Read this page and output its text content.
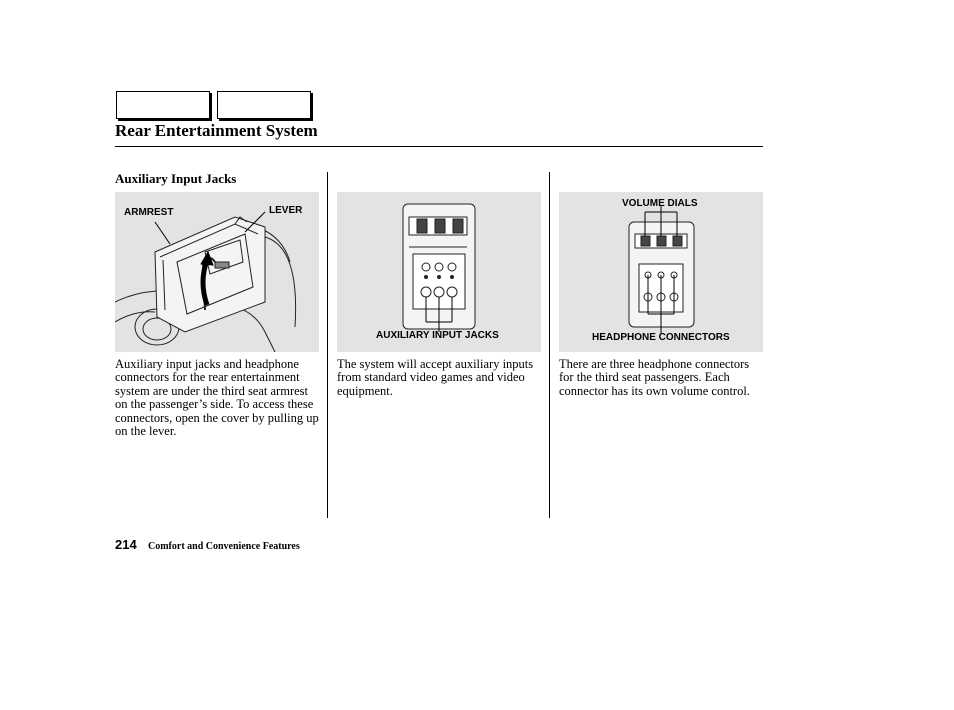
Rear Entertainment System
Auxiliary Input Jacks
ARMREST	LEVER
AUXILIARY INPUT JACKS
VOLUME DIALS
HEADPHONE CONNECTORS
Auxiliary input jacks and headphone connectors for the rear entertainment system are under the third seat armrest on the passenger’s side. To access these connectors, open the cover by pulling up on the lever.
The system will accept auxiliary inputs from standard video games and video equipment.
There are three headphone connectors for the third seat passengers. Each connector has its own volume control.
214 Comfort and Convenience Features
